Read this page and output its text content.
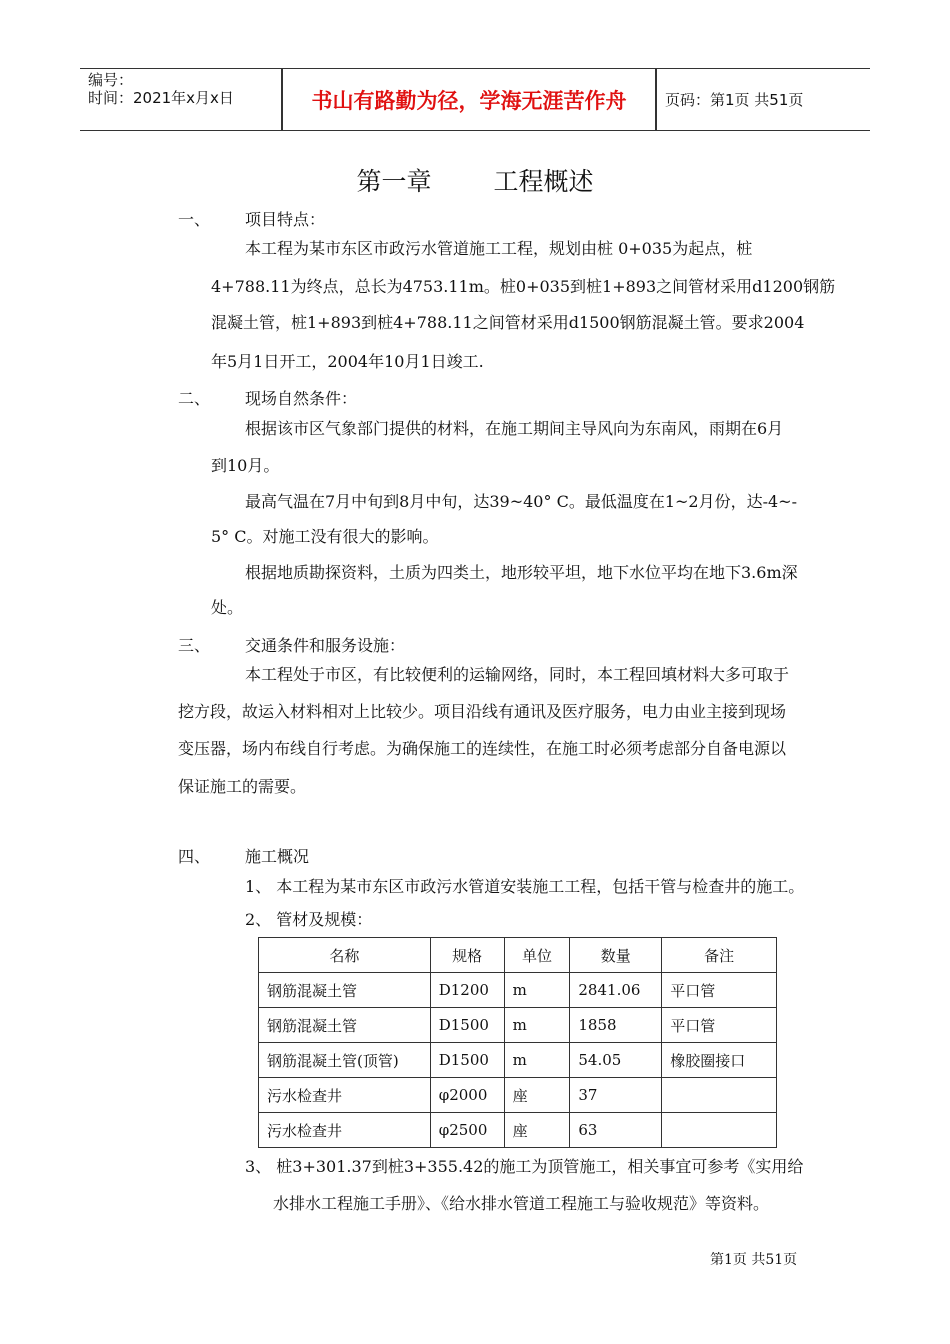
编号：
时间：2021年x月x日	书山有路勤为径，学海无涯苦作舟	页码：第1页 共51页
第一章 工程概述
一、 项目特点：
本工程为某市东区市政污水管道施工工程，规划由桩 0+035为起点，桩
4+788.11为终点，总长为4753.11m。桩0+035到桩1+893之间管材采用d1200钢筋
混凝土管，桩1+893到桩4+788.11之间管材采用d1500钢筋混凝土管。要求2004
年5月1日开工，2004年10月1日竣工.
二、 现场自然条件：
根据该市区气象部门提供的材料，在施工期间主导风向为东南风，雨期在6月
到10月。
最高气温在7月中旬到8月中旬，达39~40° C。最低温度在1~2月份，达-4~-
5° C。对施工没有很大的影响。
根据地质勘探资料，土质为四类土，地形较平坦，地下水位平均在地下3.6m深
处。
三、 交通条件和服务设施：
本工程处于市区，有比较便利的运输网络，同时，本工程回填材料大多可取于
挖方段，故运入材料相对上比较少。项目沿线有通讯及医疗服务，电力由业主接到现场
变压器，场内布线自行考虑。为确保施工的连续性，在施工时必须考虑部分自备电源以
保证施工的需要。
四、 施工概况
1、 本工程为某市东区市政污水管道安装施工工程，包括干管与检查井的施工。
2、 管材及规模：
名称	规格	单位	数量	备注
钢筋混凝土管	D1200	m	2841.06	平口管
钢筋混凝土管	D1500	m	1858	平口管
钢筋混凝土管(顶管)	D1500	m	54.05	橡胶圈接口
污水检查井	φ2000	座	37	
污水检查井	φ2500	座	63	
3、 桩3+301.37到桩3+355.42的施工为顶管施工，相关事宜可参考《实用给
水排水工程施工手册》、《给水排水管道工程施工与验收规范》等资料。
第1页 共51页
